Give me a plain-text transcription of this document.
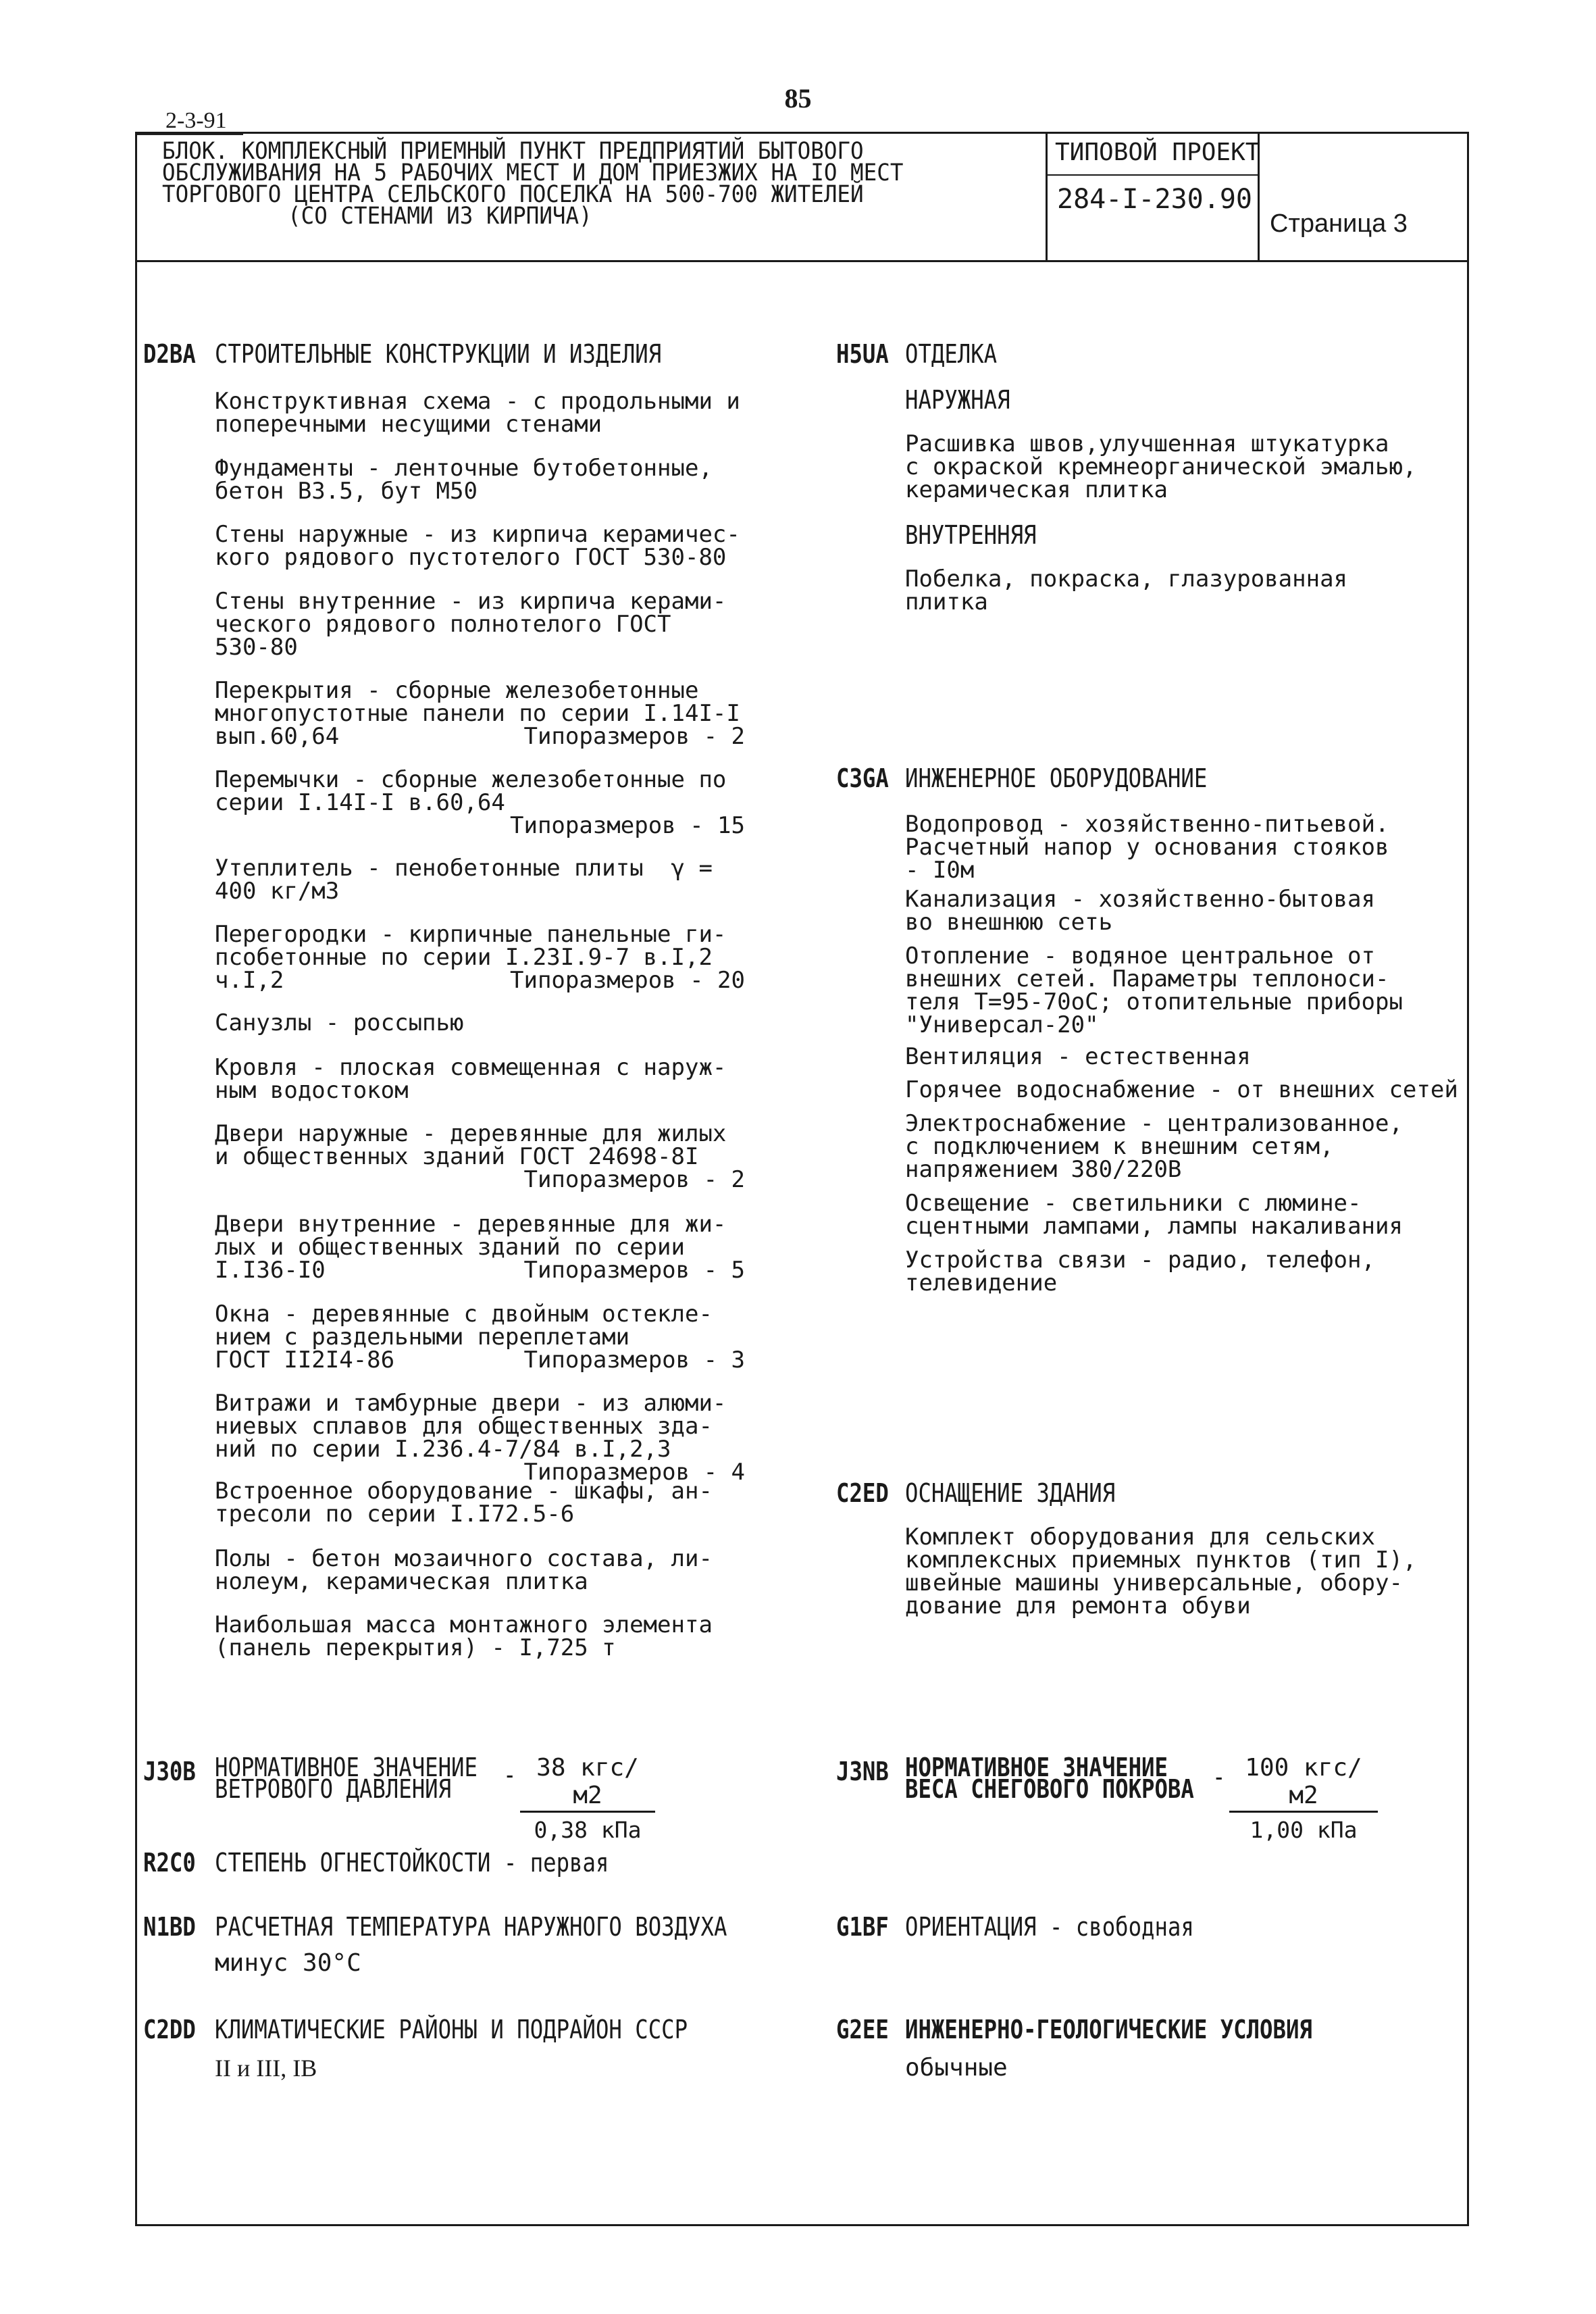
85
2-3-91
БЛОК. КОМПЛЕКСНЫЙ ПРИЕМНЫЙ ПУНКТ ПРЕДПРИЯТИЙ БЫТОВОГО
ОБСЛУЖИВАНИЯ НА 5 РАБОЧИХ МЕСТ И ДОМ ПРИЕЗЖИХ НА IO МЕСТ
ТОРГОВОГО ЦЕНТРА СЕЛЬСКОГО ПОСЕЛКА НА 500-700 ЖИТЕЛЕЙ
(СО СТЕНАМИ ИЗ КИРПИЧА)
ТИПОВОЙ ПРОЕКТ
284-I-230.90
Страница 3
D2BA СТРОИТЕЛЬНЫЕ КОНСТРУКЦИИ И ИЗДЕЛИЯ
Конструктивная схема - с продольными и
поперечными несущими стенами
Фундаменты - ленточные бутобетонные,
бетон В3.5, бут М50
Стены наружные - из кирпича керамичес-
кого рядового пустотелого ГОСТ 530-80
Стены внутренние - из кирпича керами-
ческого рядового полнотелого ГОСТ
530-80
Перекрытия - сборные железобетонные
многопустотные панели по серии I.14I-I
вып.60,64	Типоразмеров - 2
Перемычки - сборные железобетонные по
серии I.14I-I в.60,64
Типоразмеров - 15
Утеплитель - пенобетонные плиты  γ =
400 кг/м3
Перегородки - кирпичные панельные ги-
псобетонные по серии I.23I.9-7 в.I,2
ч.I,2	Типоразмеров - 20
Санузлы - россыпью
Кровля - плоская совмещенная с наруж-
ным водостоком
Двери наружные - деревянные для жилых
и общественных зданий ГОСТ 24698-8I
Типоразмеров - 2
Двери внутренние - деревянные для жи-
лых и общественных зданий по серии
I.I36-I0	Типоразмеров - 5
Окна - деревянные с двойным остекле-
нием с раздельными переплетами
ГОСТ II2I4-86	Типоразмеров - 3
Витражи и тамбурные двери - из алюми-
ниевых сплавов для общественных зда-
ний по серии I.236.4-7/84 в.I,2,3
Типоразмеров - 4
Встроенное оборудование - шкафы, ан-
тресоли по серии I.I72.5-6
Полы - бетон мозаичного состава, ли-
нолеум, керамическая плитка
Наибольшая масса монтажного элемента
(панель перекрытия) - I,725 т
H5UA ОТДЕЛКА
НАРУЖНАЯ
Расшивка швов,улучшенная штукатурка
с окраской кремнеорганической эмалью,
керамическая плитка
ВНУТРЕННЯЯ
Побелка, покраска, глазурованная
плитка
C3GA ИНЖЕНЕРНОЕ ОБОРУДОВАНИЕ
Водопровод - хозяйственно-питьевой.
Расчетный напор у основания стояков
- I0м
Канализация - хозяйственно-бытовая
во внешнюю сеть
Отопление - водяное центральное от
внешних сетей. Параметры теплоноси-
теля Т=95-70оС; отопительные приборы
"Универсал-20"
Вентиляция - естественная
Горячее водоснабжение - от внешних сетей
Электроснабжение - централизованное,
с подключением к внешним сетям,
напряжением 380/220В
Освещение - светильники с люмине-
сцентными лампами, лампы накаливания
Устройства связи - радио, телефон,
телевидение
C2ED ОСНАЩЕНИЕ ЗДАНИЯ
Комплект оборудования для сельских
комплексных приемных пунктов (тип I),
швейные машины универсальные, обору-
дование для ремонта обуви
J30B НОРМАТИВНОЕ ЗНАЧЕНИЕ
ВЕТРОВОГО ДАВЛЕНИЯ	- 38 кгс/м2
0,38 кПа
J3NB НОРМАТИВНОЕ ЗНАЧЕНИЕ
ВЕСА СНЕГОВОГО ПОКРОВА - 100 кгс/м2
1,00 кПа
R2C0 СТЕПЕНЬ ОГНЕСТОЙКОСТИ - первая
N1BD РАСЧЕТНАЯ ТЕМПЕРАТУРА НАРУЖНОГО ВОЗДУХА
минус 30°С
G1BF ОРИЕНТАЦИЯ - свободная
C2DD КЛИМАТИЧЕСКИЕ РАЙОНЫ И ПОДРАЙОН СССР
II и III, IВ
G2EE ИНЖЕНЕРНО-ГЕОЛОГИЧЕСКИЕ УСЛОВИЯ
обычные
